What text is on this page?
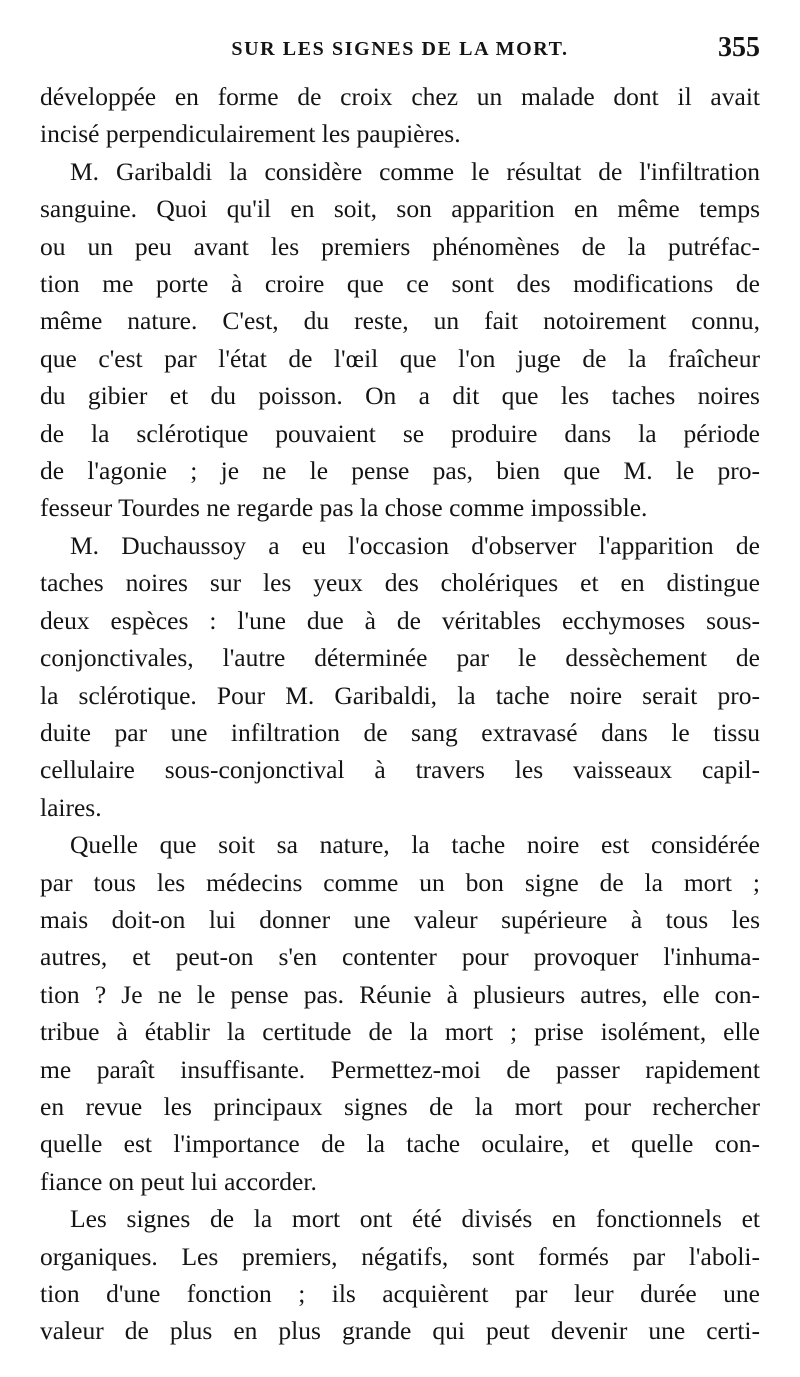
SUR LES SIGNES DE LA MORT.	355

développée en forme de croix chez un malade dont il avait
incisé perpendiculairement les paupières.

M. Garibaldi la considère comme le résultat de l'infiltration
sanguine. Quoi qu'il en soit, son apparition en même temps
ou un peu avant les premiers phénomènes de la putréfac-
tion me porte à croire que ce sont des modifications de
même nature. C'est, du reste, un fait notoirement connu,
que c'est par l'état de l'œil que l'on juge de la fraîcheur
du gibier et du poisson. On a dit que les taches noires
de la sclérotique pouvaient se produire dans la période
de l'agonie ; je ne le pense pas, bien que M. le pro-
fesseur Tourdes ne regarde pas la chose comme impossible.

M. Duchaussoy a eu l'occasion d'observer l'apparition de
taches noires sur les yeux des cholériques et en distingue
deux espèces : l'une due à de véritables ecchymoses sous-
conjonctivales, l'autre déterminée par le dessèchement de
la sclérotique. Pour M. Garibaldi, la tache noire serait pro-
duite par une infiltration de sang extravasé dans le tissu
cellulaire sous-conjonctival à travers les vaisseaux capil-
laires.

Quelle que soit sa nature, la tache noire est considérée
par tous les médecins comme un bon signe de la mort ;
mais doit-on lui donner une valeur supérieure à tous les
autres, et peut-on s'en contenter pour provoquer l'inhuma-
tion ? Je ne le pense pas. Réunie à plusieurs autres, elle con-
tribue à établir la certitude de la mort ; prise isolément, elle
me paraît insuffisante. Permettez-moi de passer rapidement
en revue les principaux signes de la mort pour rechercher
quelle est l'importance de la tache oculaire, et quelle con-
fiance on peut lui accorder.

Les signes de la mort ont été divisés en fonctionnels et
organiques. Les premiers, négatifs, sont formés par l'aboli-
tion d'une fonction ; ils acquièrent par leur durée une
valeur de plus en plus grande qui peut devenir une certi-
